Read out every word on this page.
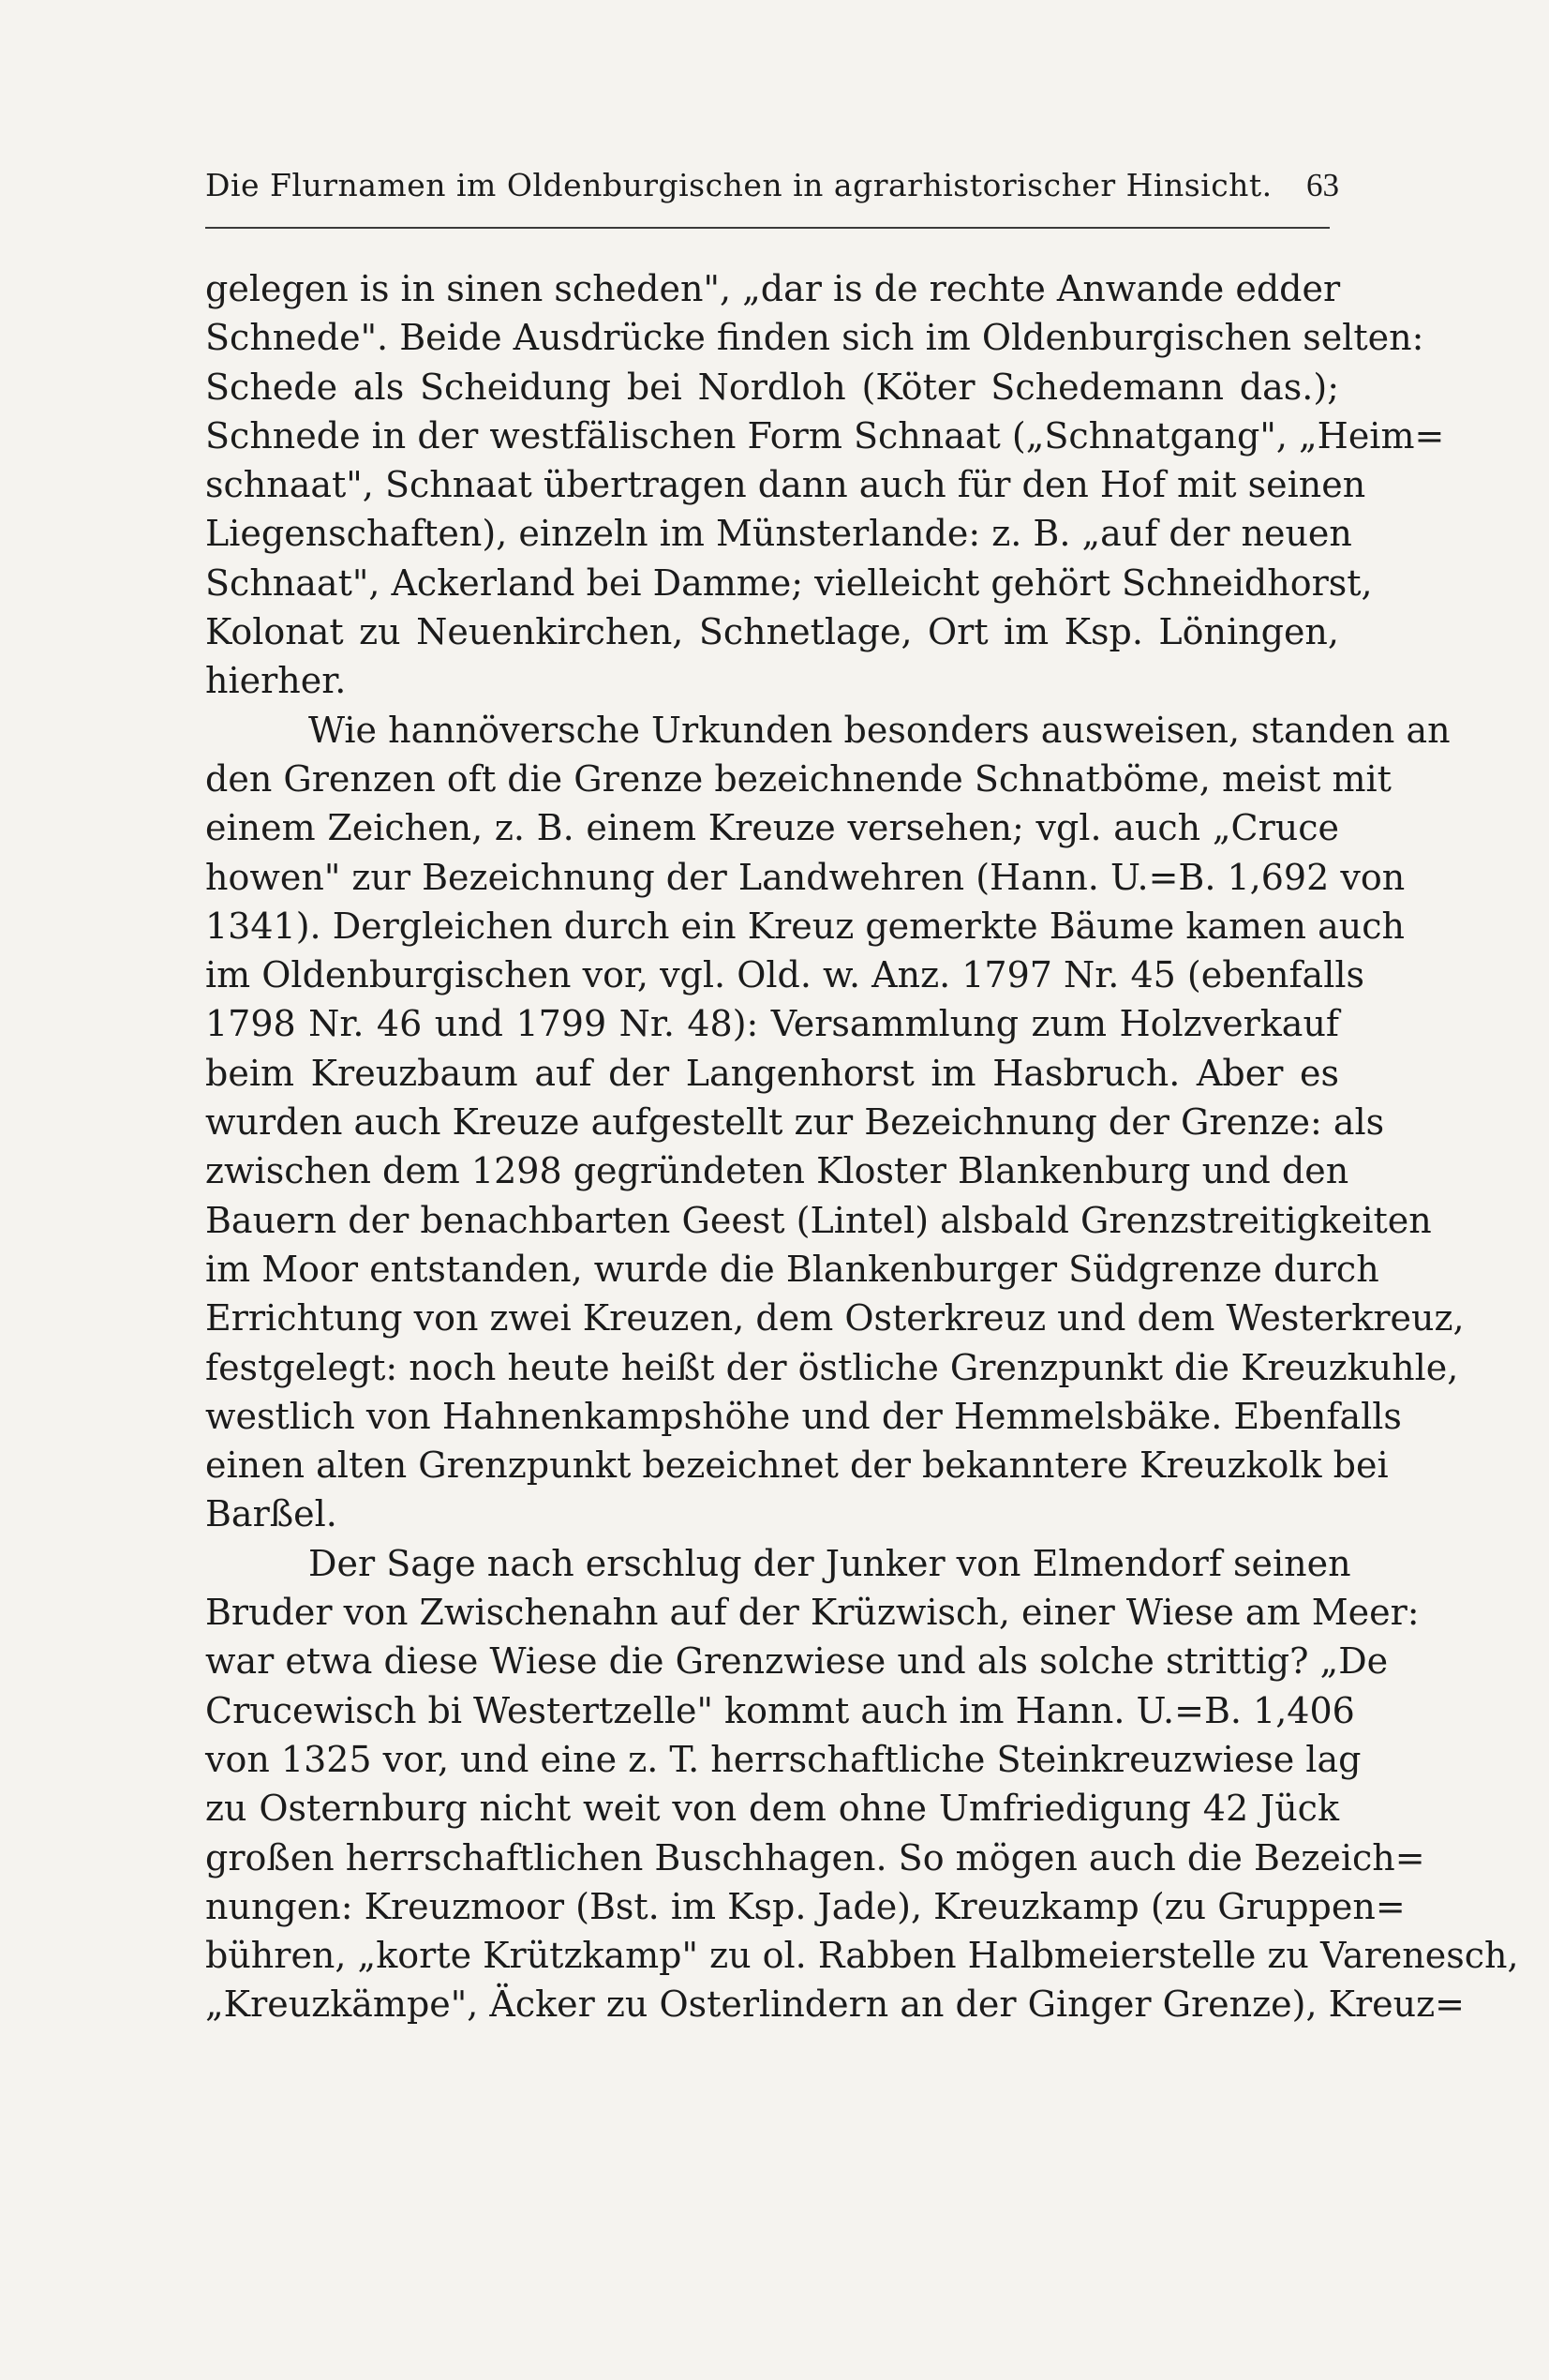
Die Flurnamen im Oldenburgischen in agrarhistorischer Hinsicht. 63
gelegen is in sinen scheden", „dar is de rechte Anwande edder
Schnede". Beide Ausdrücke finden sich im Oldenburgischen selten:
Schede als Scheidung bei Nordloh (Köter Schedemann das.);
Schnede in der westfälischen Form Schnaat („Schnatgang", „Heim=
schnaat", Schnaat übertragen dann auch für den Hof mit seinen
Liegenschaften), einzeln im Münsterlande: z. B. „auf der neuen
Schnaat", Ackerland bei Damme; vielleicht gehört Schneidhorst,
Kolonat zu Neuenkirchen, Schnetlage, Ort im Ksp. Löningen,
hierher.
Wie hannöversche Urkunden besonders ausweisen, standen an
den Grenzen oft die Grenze bezeichnende Schnatböme, meist mit
einem Zeichen, z. B. einem Kreuze versehen; vgl. auch „Cruce
howen" zur Bezeichnung der Landwehren (Hann. U.=B. 1,692 von
1341). Dergleichen durch ein Kreuz gemerkte Bäume kamen auch
im Oldenburgischen vor, vgl. Old. w. Anz. 1797 Nr. 45 (ebenfalls
1798 Nr. 46 und 1799 Nr. 48): Versammlung zum Holzverkauf
beim Kreuzbaum auf der Langenhorst im Hasbruch. Aber es
wurden auch Kreuze aufgestellt zur Bezeichnung der Grenze: als
zwischen dem 1298 gegründeten Kloster Blankenburg und den
Bauern der benachbarten Geest (Lintel) alsbald Grenzstreitigkeiten
im Moor entstanden, wurde die Blankenburger Südgrenze durch
Errichtung von zwei Kreuzen, dem Osterkreuz und dem Westerkreuz,
festgelegt: noch heute heißt der östliche Grenzpunkt die Kreuzkuhle,
westlich von Hahnenkampshöhe und der Hemmelsbäke. Ebenfalls
einen alten Grenzpunkt bezeichnet der bekanntere Kreuzkolk bei
Barßel.
Der Sage nach erschlug der Junker von Elmendorf seinen
Bruder von Zwischenahn auf der Krüzwisch, einer Wiese am Meer:
war etwa diese Wiese die Grenzwiese und als solche strittig? „De
Crucewisch bi Westertzelle" kommt auch im Hann. U.=B. 1,406
von 1325 vor, und eine z. T. herrschaftliche Steinkreuzwiese lag
zu Osternburg nicht weit von dem ohne Umfriedigung 42 Jück
großen herrschaftlichen Buschhagen. So mögen auch die Bezeich=
nungen: Kreuzmoor (Bst. im Ksp. Jade), Kreuzkamp (zu Gruppen=
bühren, „korte Krützkamp" zu ol. Rabben Halbmeierstelle zu Varenesch,
„Kreuzkämpe", Äcker zu Osterlindern an der Ginger Grenze), Kreuz=
